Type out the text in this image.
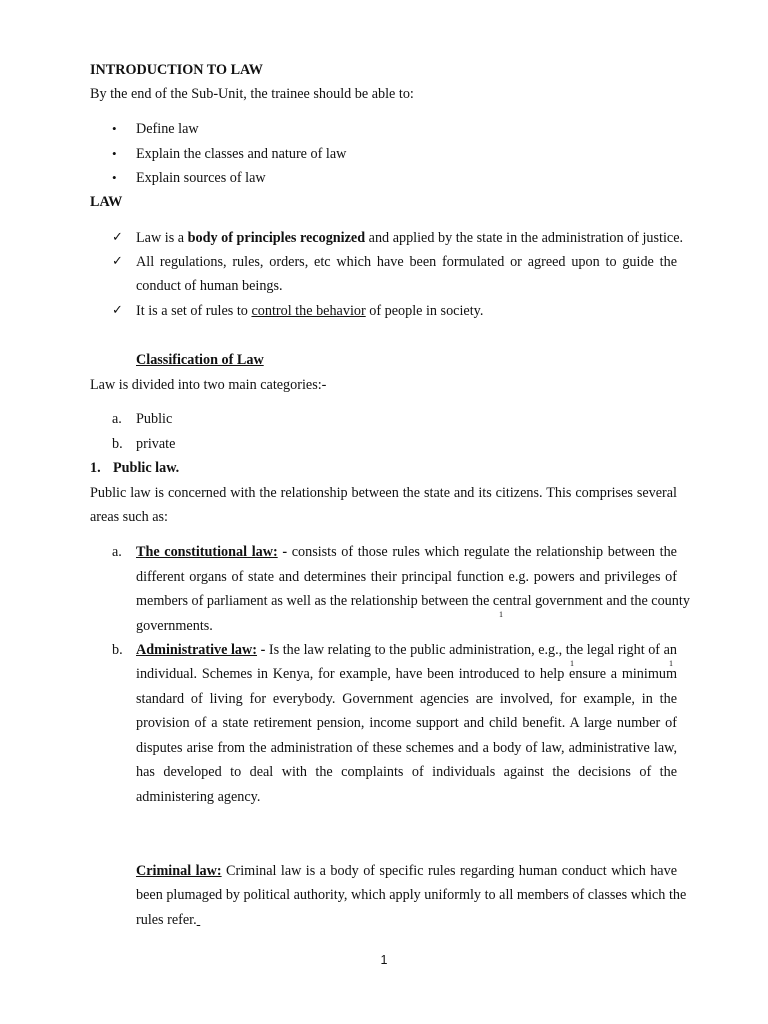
INTRODUCTION TO LAW
By the end of the Sub-Unit, the trainee should be able to:
• Define law
• Explain the classes and nature of law
• Explain sources of law
LAW
✓ Law is a body of principles recognized and applied by the state in the administration of justice.
✓ All regulations, rules, orders, etc which have been formulated or agreed upon to guide the
conduct of human beings.
✓ It is a set of rules to control the behavior of people in society.
Classification of Law
Law is divided into two main categories:-
a. Public
b. private
1. Public law.
Public law is concerned with the relationship between the state and its citizens. This comprises several
areas such as:
a. The constitutional law: - consists of those rules which regulate the relationship between the
different organs of state and determines their principal function e.g. powers and privileges of
members of parliament as well as the relationship between the central government and the county
1
governments.
b. Administrative law: - Is the law relating to the public administration, e.g., the legal right of an
1	1
individual. Schemes in Kenya, for example, have been introduced to help ensure a minimum
standard of living for everybody. Government agencies are involved, for example, in the
provision of a state retirement pension, income support and child benefit. A large number of
disputes arise from the administration of these schemes and a body of law, administrative law,
has developed to deal with the complaints of individuals against the decisions of the
administering agency.
Criminal law: Criminal law is a body of specific rules regarding human conduct which have
been plumaged by political authority, which apply uniformly to all members of classes which the
rules refer.
1
